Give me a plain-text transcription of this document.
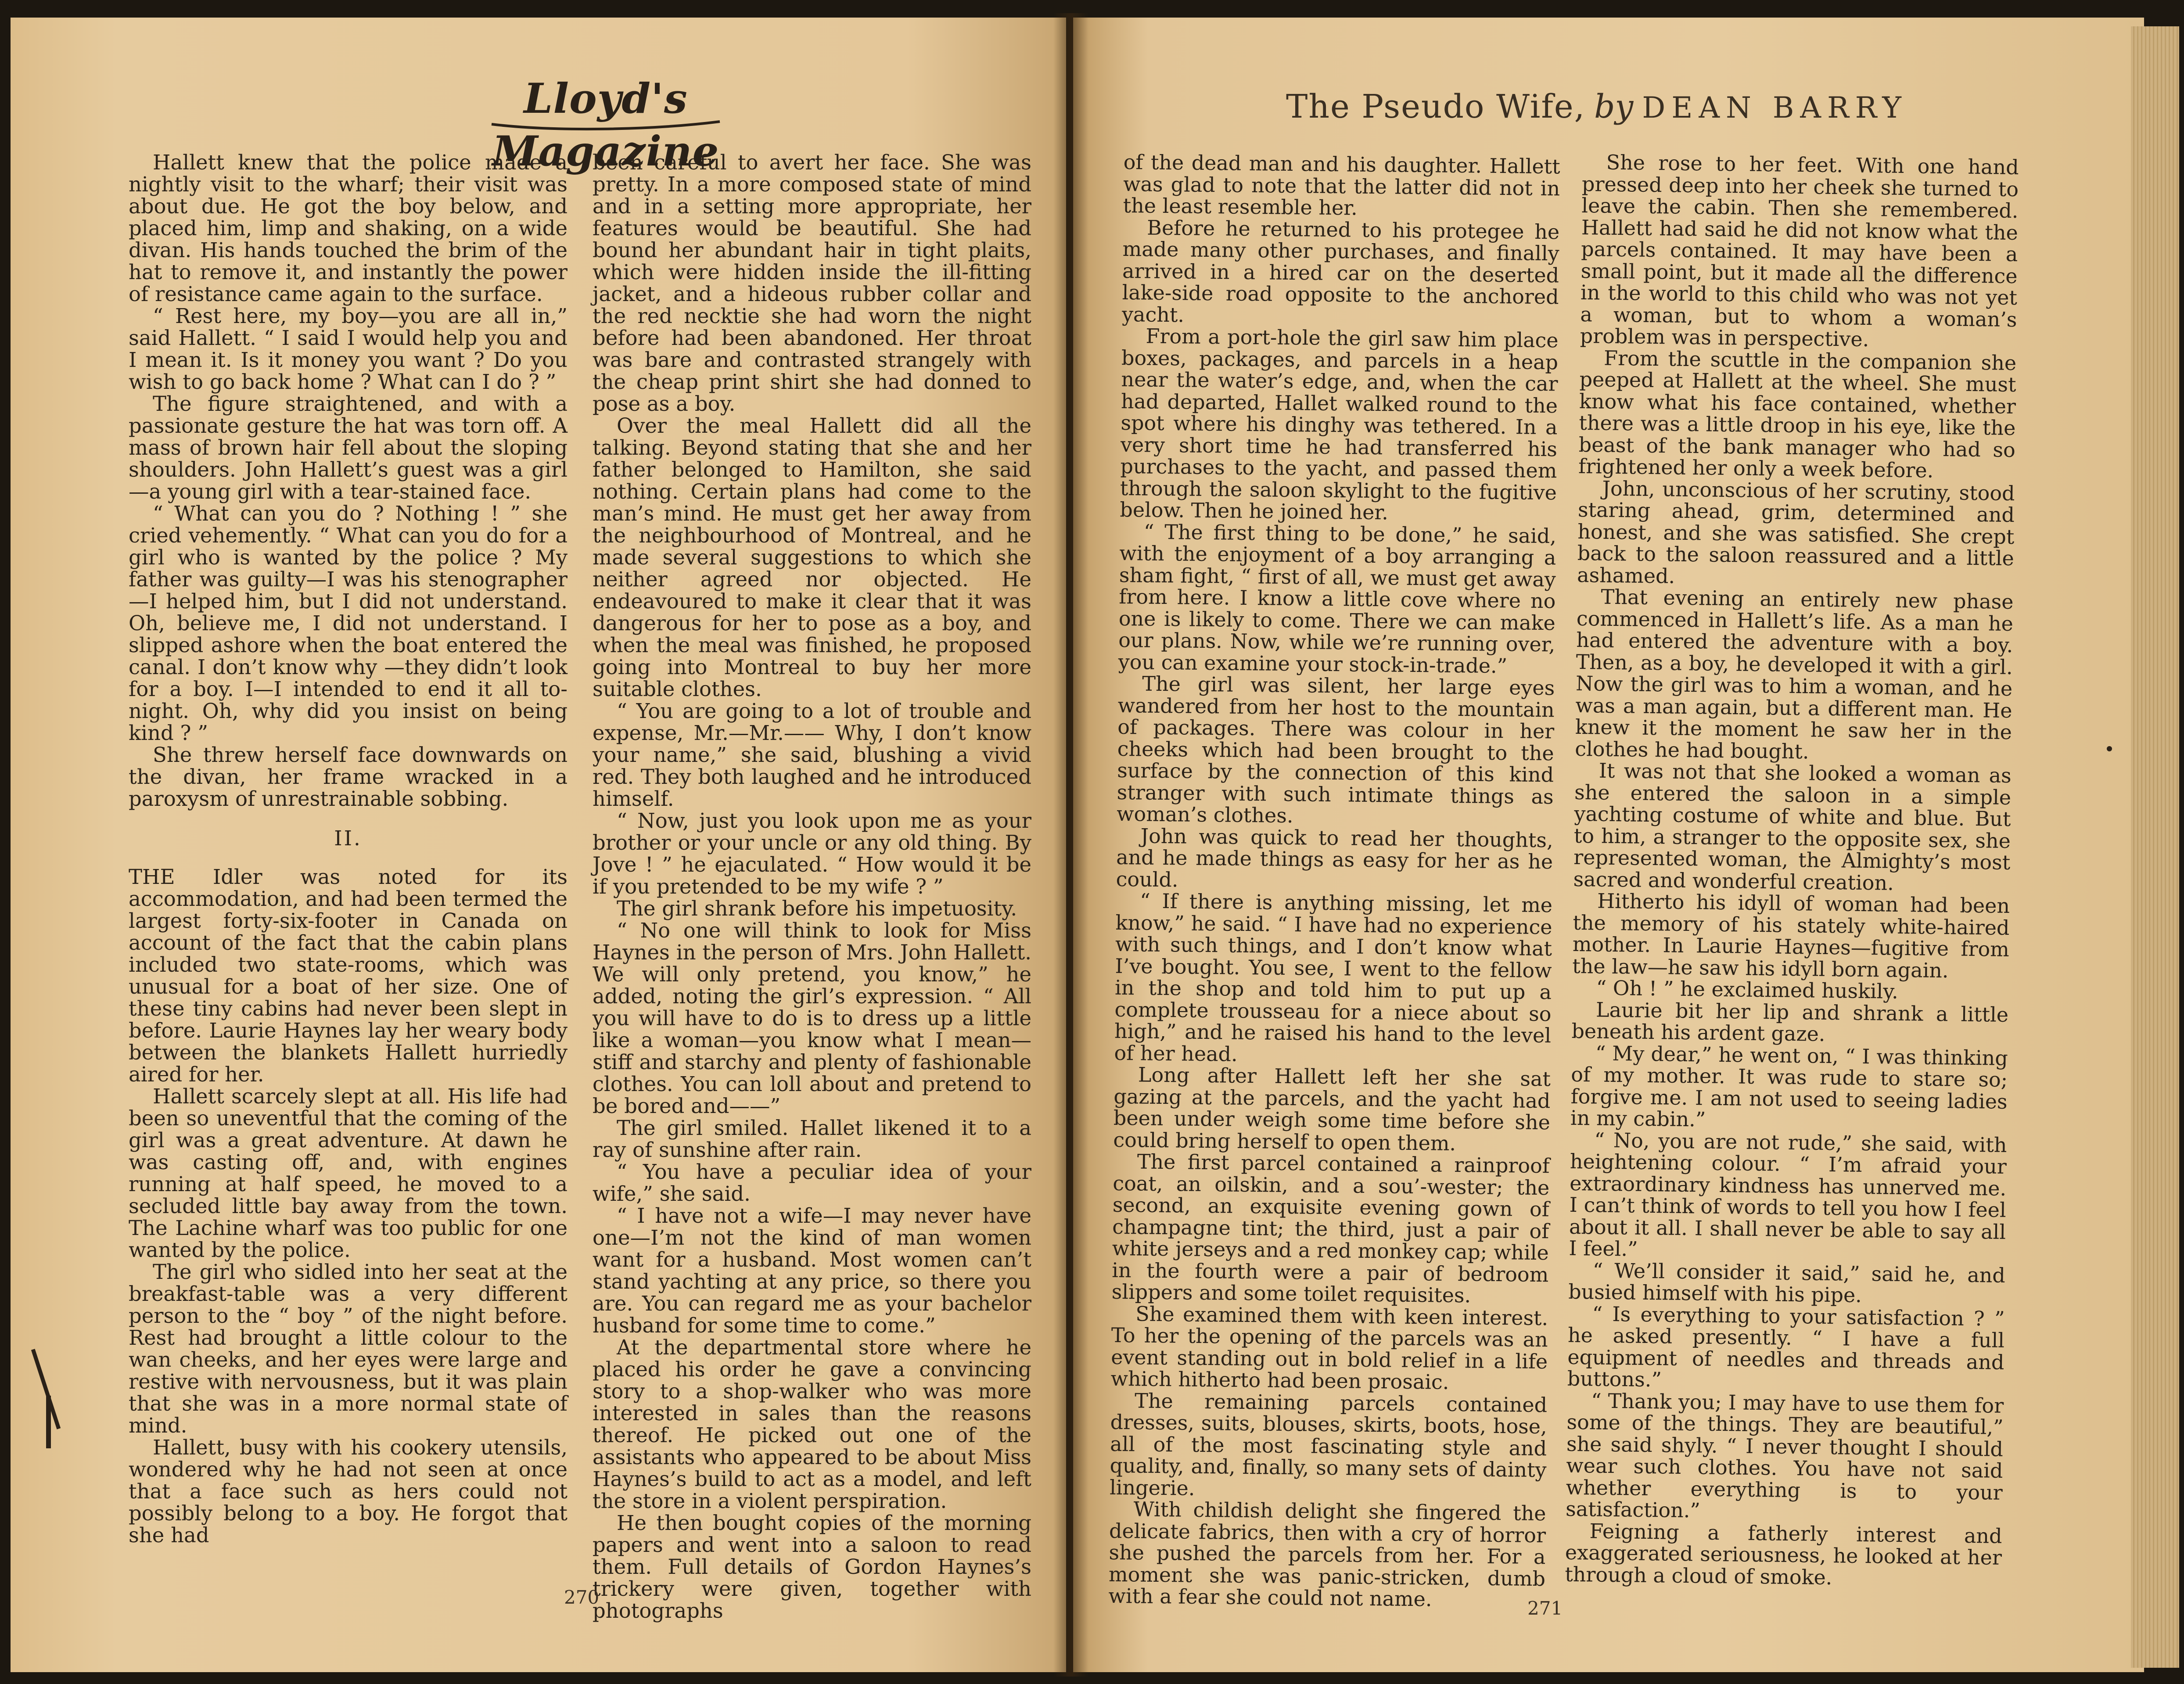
Lloyd's Magazine
The Pseudo Wife, by DEAN BARRY

Hallett knew that the police made a nightly visit to the wharf; their visit was about due. He got the boy below, and placed him, limp and shaking, on a wide divan. His hands touched the brim of the hat to remove it, and instantly the power of resistance came again to the surface.

“ Rest here, my boy—you are all in,” said Hallett. “ I said I would help you and I mean it. Is it money you want ? Do you wish to go back home ? What can I do ? ”

The figure straightened, and with a passionate gesture the hat was torn off. A mass of brown hair fell about the sloping shoulders. John Hallett’s guest was a girl—a young girl with a tear-stained face.

“ What can you do ? Nothing ! ” she cried vehemently. “ What can you do for a girl who is wanted by the police ? My father was guilty—I was his stenographer—I helped him, but I did not understand. Oh, believe me, I did not understand. I slipped ashore when the boat entered the canal. I don’t know why —they didn’t look for a boy. I—I intended to end it all to-night. Oh, why did you insist on being kind ? ”

She threw herself face downwards on the divan, her frame wracked in a paroxysm of unrestrainable sobbing.

II.

THE Idler was noted for its accommodation, and had been termed the largest forty-six-footer in Canada on account of the fact that the cabin plans included two state-rooms, which was unusual for a boat of her size. One of these tiny cabins had never been slept in before. Laurie Haynes lay her weary body between the blankets Hallett hurriedly aired for her.

Hallett scarcely slept at all. His life had been so uneventful that the coming of the girl was a great adventure. At dawn he was casting off, and, with engines running at half speed, he moved to a secluded little bay away from the town. The Lachine wharf was too public for one wanted by the police.

The girl who sidled into her seat at the breakfast-table was a very different person to the “ boy ” of the night before. Rest had brought a little colour to the wan cheeks, and her eyes were large and restive with nervousness, but it was plain that she was in a more normal state of mind.

Hallett, busy with his cookery utensils, wondered why he had not seen at once that a face such as hers could not possibly belong to a boy. He forgot that she had

been careful to avert her face. She was pretty. In a more composed state of mind and in a setting more appropriate, her features would be beautiful. She had bound her abundant hair in tight plaits, which were hidden inside the ill-fitting jacket, and a hideous rubber collar and the red necktie she had worn the night before had been abandoned. Her throat was bare and contrasted strangely with the cheap print shirt she had donned to pose as a boy.

Over the meal Hallett did all the talking. Beyond stating that she and her father belonged to Hamilton, she said nothing. Certain plans had come to the man’s mind. He must get her away from the neighbourhood of Montreal, and he made several suggestions to which she neither agreed nor objected. He endeavoured to make it clear that it was dangerous for her to pose as a boy, and when the meal was finished, he proposed going into Montreal to buy her more suitable clothes.

“ You are going to a lot of trouble and expense, Mr.—Mr.—— Why, I don’t know your name,” she said, blushing a vivid red. They both laughed and he introduced himself.

“ Now, just you look upon me as your brother or your uncle or any old thing. By Jove ! ” he ejaculated. “ How would it be if you pretended to be my wife ? ”

The girl shrank before his impetuosity.

“ No one will think to look for Miss Haynes in the person of Mrs. John Hallett. We will only pretend, you know,” he added, noting the girl’s expression. “ All you will have to do is to dress up a little like a woman—you know what I mean—stiff and starchy and plenty of fashionable clothes. You can loll about and pretend to be bored and——”

The girl smiled. Hallet likened it to a ray of sunshine after rain.

“ You have a peculiar idea of your wife,” she said.

“ I have not a wife—I may never have one—I’m not the kind of man women want for a husband. Most women can’t stand yachting at any price, so there you are. You can regard me as your bachelor husband for some time to come.”

At the departmental store where he placed his order he gave a convincing story to a shop-walker who was more interested in sales than the reasons thereof. He picked out one of the assistants who appeared to be about Miss Haynes’s build to act as a model, and left the store in a violent perspiration.

He then bought copies of the morning papers and went into a saloon to read them. Full details of Gordon Haynes’s trickery were given, together with photographs

of the dead man and his daughter. Hallett was glad to note that the latter did not in the least resemble her.

Before he returned to his protegee he made many other purchases, and finally arrived in a hired car on the deserted lake-side road opposite to the anchored yacht.

From a port-hole the girl saw him place boxes, packages, and parcels in a heap near the water’s edge, and, when the car had departed, Hallet walked round to the spot where his dinghy was tethered. In a very short time he had transferred his purchases to the yacht, and passed them through the saloon skylight to the fugitive below. Then he joined her.

“ The first thing to be done,” he said, with the enjoyment of a boy arranging a sham fight, “ first of all, we must get away from here. I know a little cove where no one is likely to come. There we can make our plans. Now, while we’re running over, you can examine your stock-in-trade.”

The girl was silent, her large eyes wandered from her host to the mountain of packages. There was colour in her cheeks which had been brought to the surface by the connection of this kind stranger with such intimate things as woman’s clothes.

John was quick to read her thoughts, and he made things as easy for her as he could.

“ If there is anything missing, let me know,” he said. “ I have had no experience with such things, and I don’t know what I’ve bought. You see, I went to the fellow in the shop and told him to put up a complete trousseau for a niece about so high,” and he raised his hand to the level of her head.

Long after Hallett left her she sat gazing at the parcels, and the yacht had been under weigh some time before she could bring herself to open them.

The first parcel contained a rainproof coat, an oilskin, and a sou’-wester; the second, an exquisite evening gown of champagne tint; the third, just a pair of white jerseys and a red monkey cap; while in the fourth were a pair of bedroom slippers and some toilet requisites.

She examined them with keen interest. To her the opening of the parcels was an event standing out in bold relief in a life which hitherto had been prosaic.

The remaining parcels contained dresses, suits, blouses, skirts, boots, hose, all of the most fascinating style and quality, and, finally, so many sets of dainty lingerie.

With childish delight she fingered the delicate fabrics, then with a cry of horror she pushed the parcels from her. For a moment she was panic-stricken, dumb with a fear she could not name.

She rose to her feet. With one hand pressed deep into her cheek she turned to leave the cabin. Then she remembered. Hallett had said he did not know what the parcels contained. It may have been a small point, but it made all the difference in the world to this child who was not yet a woman, but to whom a woman’s problem was in perspective.

From the scuttle in the companion she peeped at Hallett at the wheel. She must know what his face contained, whether there was a little droop in his eye, like the beast of the bank manager who had so frightened her only a week before.

John, unconscious of her scrutiny, stood staring ahead, grim, determined and honest, and she was satisfied. She crept back to the saloon reassured and a little ashamed.

That evening an entirely new phase commenced in Hallett’s life. As a man he had entered the adventure with a boy. Then, as a boy, he developed it with a girl. Now the girl was to him a woman, and he was a man again, but a different man. He knew it the moment he saw her in the clothes he had bought.

It was not that she looked a woman as she entered the saloon in a simple yachting costume of white and blue. But to him, a stranger to the opposite sex, she represented woman, the Almighty’s most sacred and wonderful creation.

Hitherto his idyll of woman had been the memory of his stately white-haired mother. In Laurie Haynes—fugitive from the law—he saw his idyll born again.

“ Oh ! ” he exclaimed huskily.

Laurie bit her lip and shrank a little beneath his ardent gaze.

“ My dear,” he went on, “ I was thinking of my mother. It was rude to stare so; forgive me. I am not used to seeing ladies in my cabin.”

“ No, you are not rude,” she said, with heightening colour. “ I’m afraid your extraordinary kindness has unnerved me. I can’t think of words to tell you how I feel about it all. I shall never be able to say all I feel.”

“ We’ll consider it said,” said he, and busied himself with his pipe.

“ Is everything to your satisfaction ? ” he asked presently. “ I have a full equipment of needles and threads and buttons.”

“ Thank you; I may have to use them for some of the things. They are beautiful,” she said shyly. “ I never thought I should wear such clothes. You have not said whether everything is to your satisfaction.”

Feigning a fatherly interest and exaggerated seriousness, he looked at her through a cloud of smoke.

270
271
